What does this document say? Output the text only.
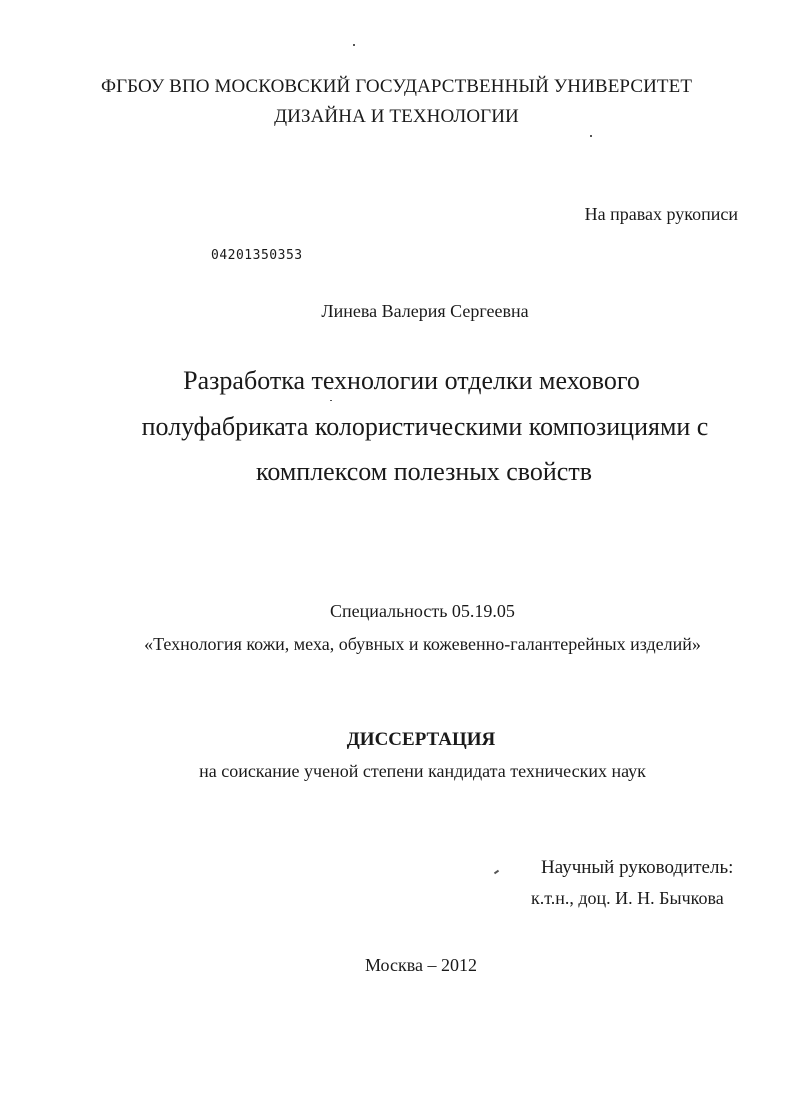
ФГБОУ ВПО МОСКОВСКИЙ ГОСУДАРСТВЕННЫЙ УНИВЕРСИТЕТ
ДИЗАЙНА И ТЕХНОЛОГИИ
На правах рукописи
04201350353
Линева Валерия Сергеевна
Разработка технологии отделки мехового
полуфабриката колористическими композициями с
комплексом полезных свойств
Специальность 05.19.05
«Технология кожи, меха, обувных и кожевенно-галантерейных изделий»
ДИССЕРТАЦИЯ
на соискание ученой степени кандидата технических наук
Научный руководитель:
к.т.н., доц. И. Н. Бычкова
Москва – 2012
